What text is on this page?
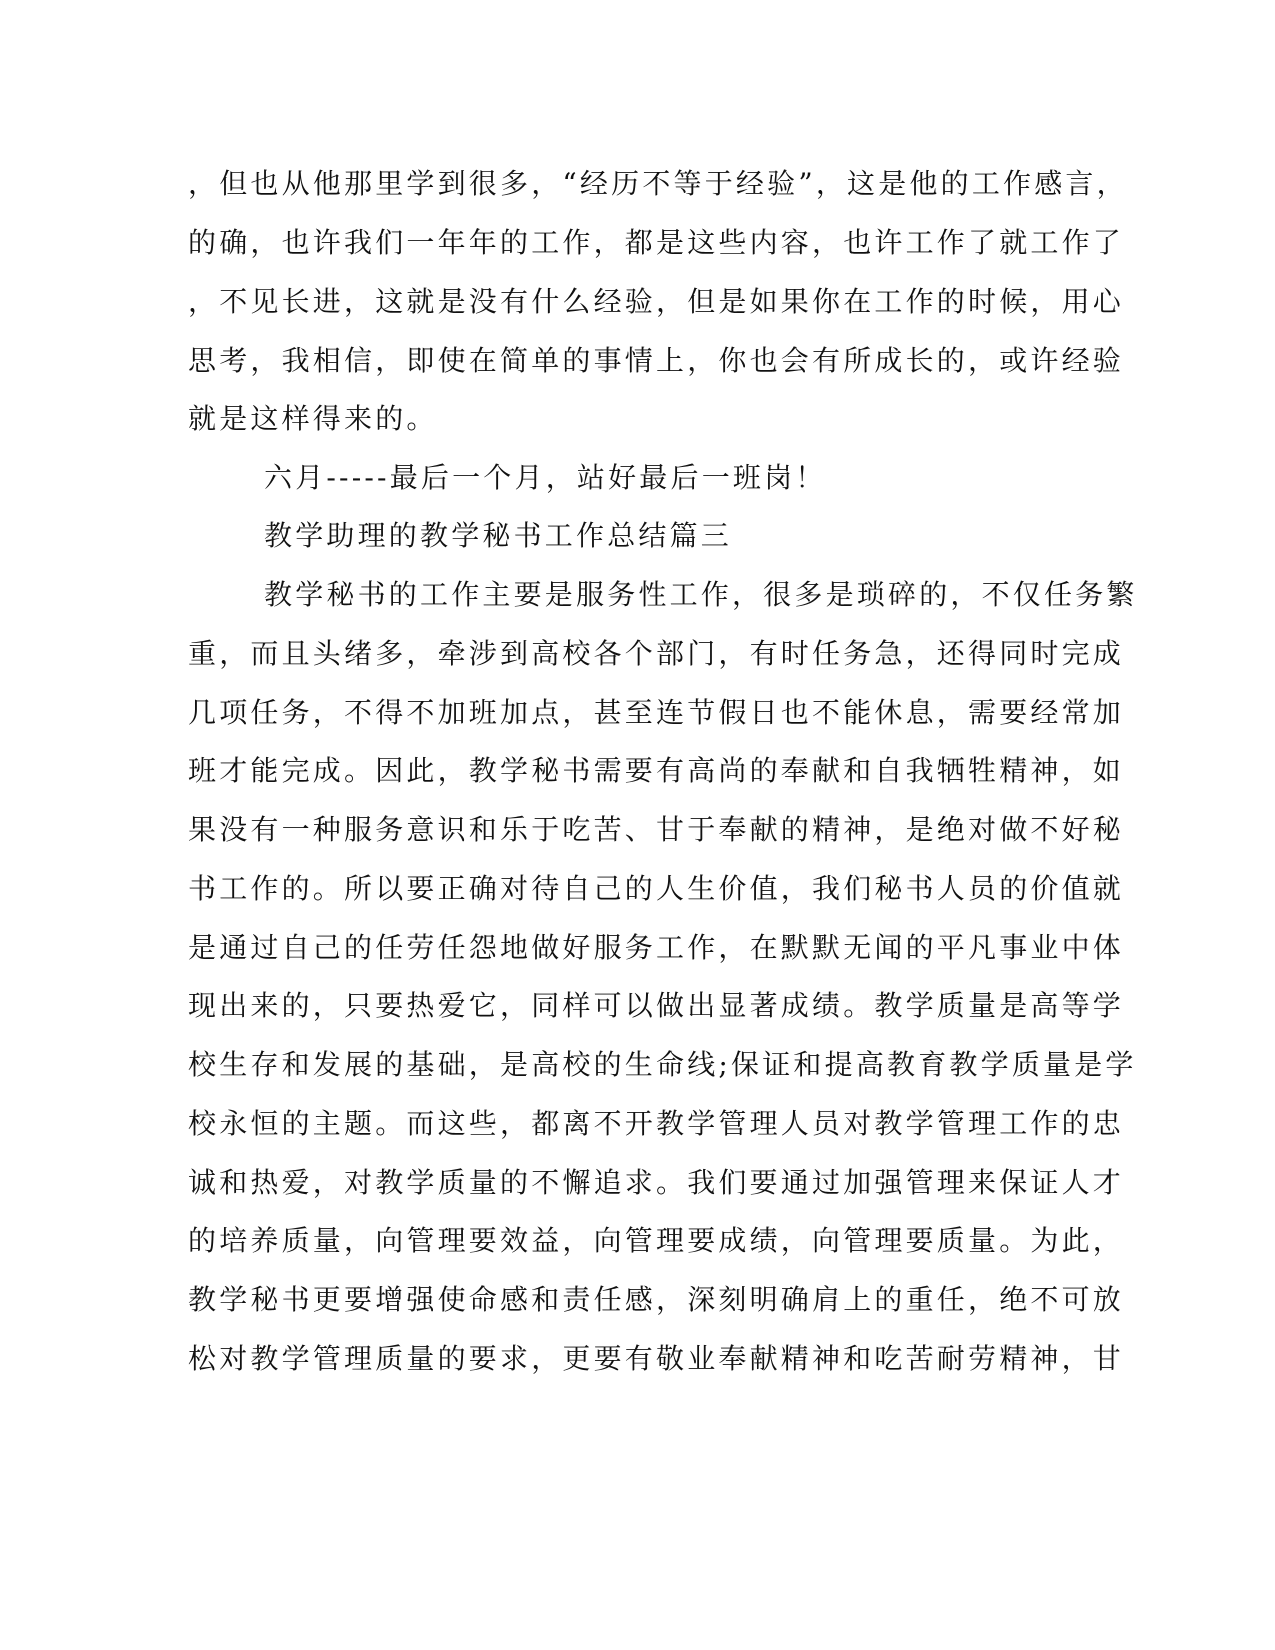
，但也从他那里学到很多，“经历不等于经验”，这是他的工作感言，
的确，也许我们一年年的工作，都是这些内容，也许工作了就工作了
，不见长进，这就是没有什么经验，但是如果你在工作的时候，用心
思考，我相信，即使在简单的事情上，你也会有所成长的，或许经验
就是这样得来的。
六月-----最后一个月，站好最后一班岗！
教学助理的教学秘书工作总结篇三
教学秘书的工作主要是服务性工作，很多是琐碎的，不仅任务繁
重，而且头绪多，牵涉到高校各个部门，有时任务急，还得同时完成
几项任务，不得不加班加点，甚至连节假日也不能休息，需要经常加
班才能完成。因此，教学秘书需要有高尚的奉献和自我牺牲精神，如
果没有一种服务意识和乐于吃苦、甘于奉献的精神，是绝对做不好秘
书工作的。所以要正确对待自己的人生价值，我们秘书人员的价值就
是通过自己的任劳任怨地做好服务工作，在默默无闻的平凡事业中体
现出来的，只要热爱它，同样可以做出显著成绩。教学质量是高等学
校生存和发展的基础，是高校的生命线;保证和提高教育教学质量是学
校永恒的主题。而这些，都离不开教学管理人员对教学管理工作的忠
诚和热爱，对教学质量的不懈追求。我们要通过加强管理来保证人才
的培养质量，向管理要效益，向管理要成绩，向管理要质量。为此，
教学秘书更要增强使命感和责任感，深刻明确肩上的重任，绝不可放
松对教学管理质量的要求，更要有敬业奉献精神和吃苦耐劳精神，甘
